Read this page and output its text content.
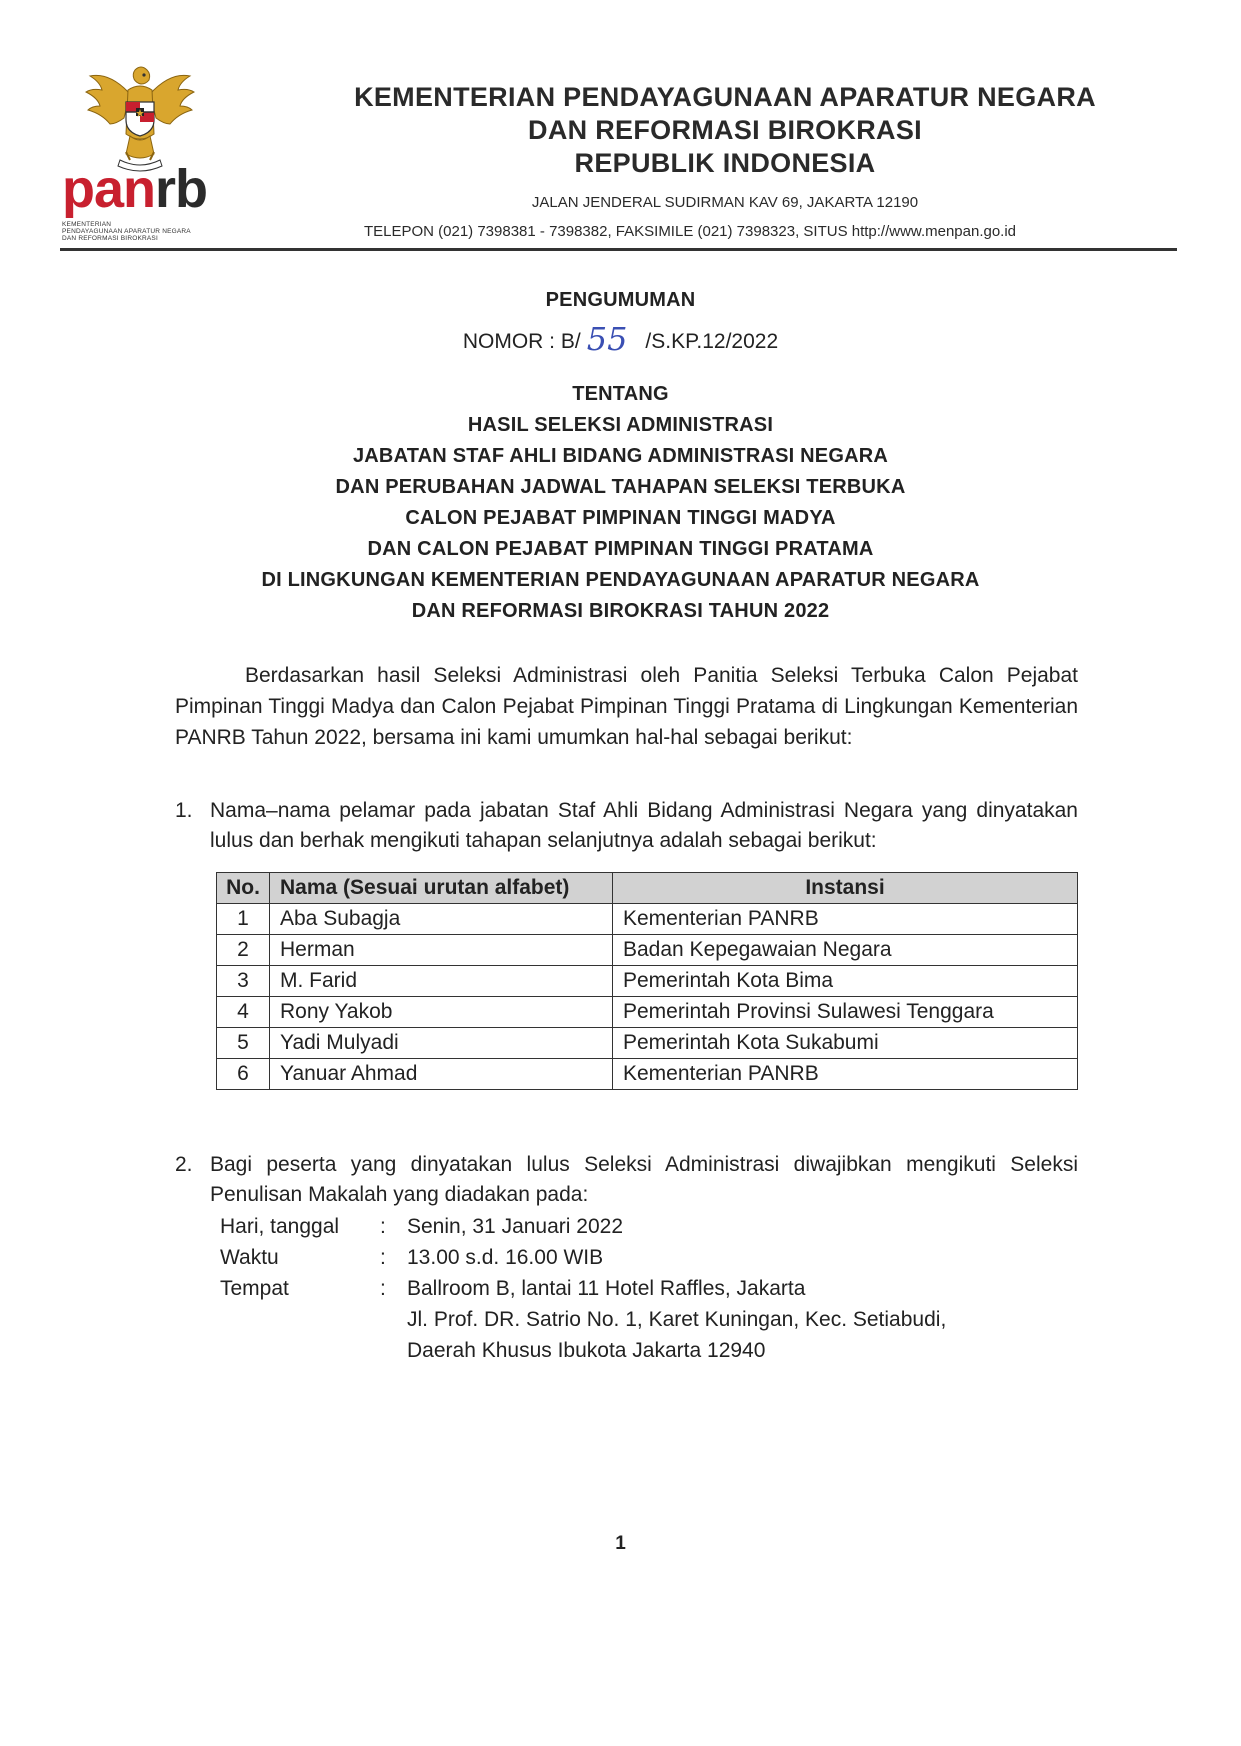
panrb
KEMENTERIAN
PENDAYAGUNAAN APARATUR NEGARA
DAN REFORMASI BIROKRASI
KEMENTERIAN PENDAYAGUNAAN APARATUR NEGARA
DAN REFORMASI BIROKRASI
REPUBLIK INDONESIA
JALAN JENDERAL SUDIRMAN KAV 69, JAKARTA 12190
TELEPON (021) 7398381 - 7398382, FAKSIMILE (021) 7398323, SITUS http://www.menpan.go.id
PENGUMUMAN
NOMOR : B/ 55 /S.KP.12/2022
TENTANG
HASIL SELEKSI ADMINISTRASI
JABATAN STAF AHLI BIDANG ADMINISTRASI NEGARA
DAN PERUBAHAN JADWAL TAHAPAN SELEKSI TERBUKA
CALON PEJABAT PIMPINAN TINGGI MADYA
DAN CALON PEJABAT PIMPINAN TINGGI PRATAMA
DI LINGKUNGAN KEMENTERIAN PENDAYAGUNAAN APARATUR NEGARA
DAN REFORMASI BIROKRASI TAHUN 2022
Berdasarkan hasil Seleksi Administrasi oleh Panitia Seleksi Terbuka Calon Pejabat Pimpinan Tinggi Madya dan Calon Pejabat Pimpinan Tinggi Pratama di Lingkungan Kementerian PANRB Tahun 2022, bersama ini kami umumkan hal-hal sebagai berikut:
1. Nama–nama pelamar pada jabatan Staf Ahli Bidang Administrasi Negara yang dinyatakan lulus dan berhak mengikuti tahapan selanjutnya adalah sebagai berikut:
No.	Nama (Sesuai urutan alfabet)	Instansi
1	Aba Subagja	Kementerian PANRB
2	Herman	Badan Kepegawaian Negara
3	M. Farid	Pemerintah Kota Bima
4	Rony Yakob	Pemerintah Provinsi Sulawesi Tenggara
5	Yadi Mulyadi	Pemerintah Kota Sukabumi
6	Yanuar Ahmad	Kementerian PANRB
2. Bagi peserta yang dinyatakan lulus Seleksi Administrasi diwajibkan mengikuti Seleksi Penulisan Makalah yang diadakan pada:
Hari, tanggal : Senin, 31 Januari 2022
Waktu	: 13.00 s.d. 16.00 WIB
Tempat	: Ballroom B, lantai 11 Hotel Raffles, Jakarta
Jl. Prof. DR. Satrio No. 1, Karet Kuningan, Kec. Setiabudi,
Daerah Khusus Ibukota Jakarta 12940
1
